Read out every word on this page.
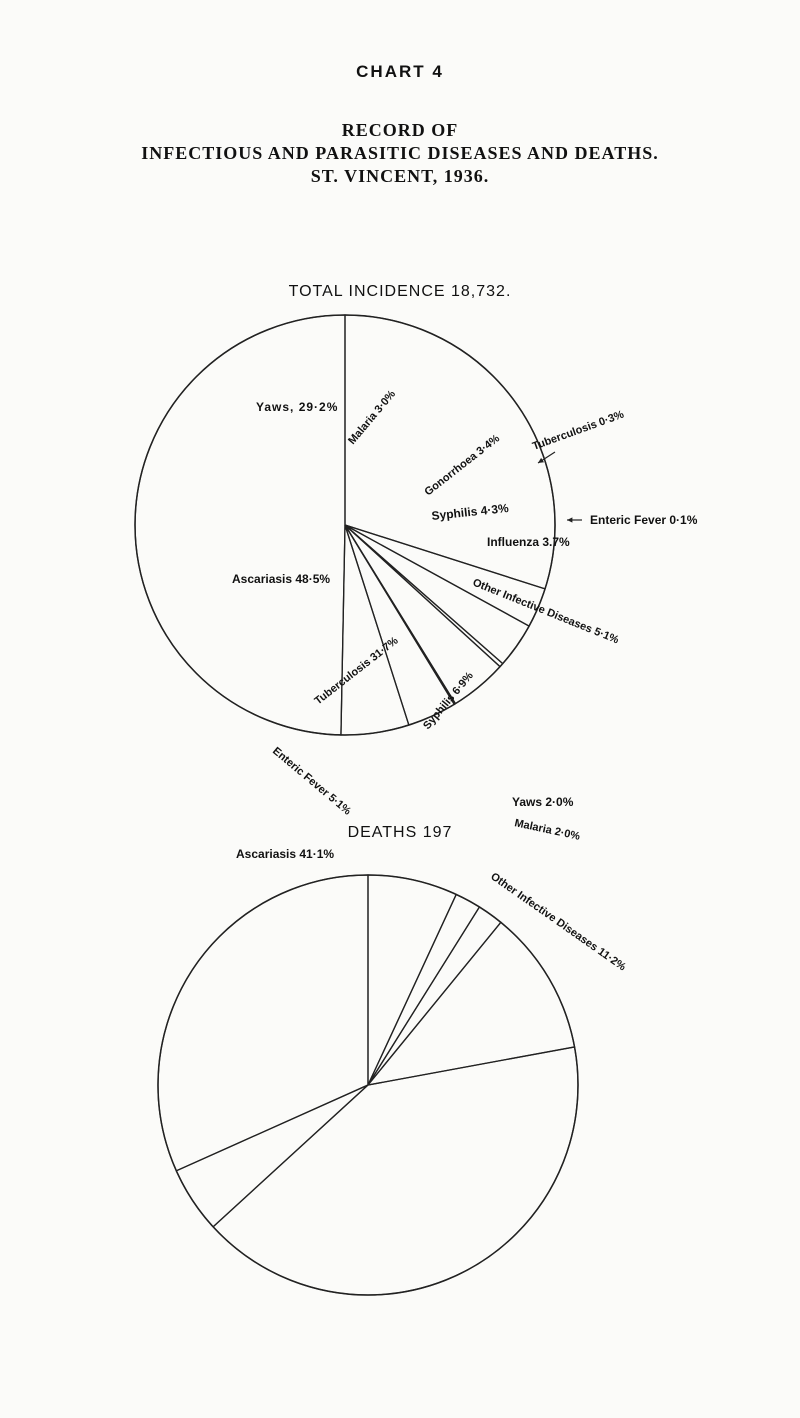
CHART 4
RECORD OF
INFECTIOUS AND PARASITIC DISEASES AND DEATHS.
ST. VINCENT, 1936.
TOTAL INCIDENCE 18,732.
DEATHS 197
Yaws, 29·2% Malaria 3·0%
Gonorrhoea 3·4%
Tuberculosis 0·3%
Syphilis 4·3%	Enteric Fever 0·1%
Influenza 3.7%
Other Infective Diseases 5·1%
Ascariasis 48·5%
Syphilis 6·9%
Yaws 2·0%
Malaria 2·0%
Other Infective Diseases 11·2%
Ascariasis 41·1%
Enteric Fever 5·1%
Tuberculosis 31·7%
